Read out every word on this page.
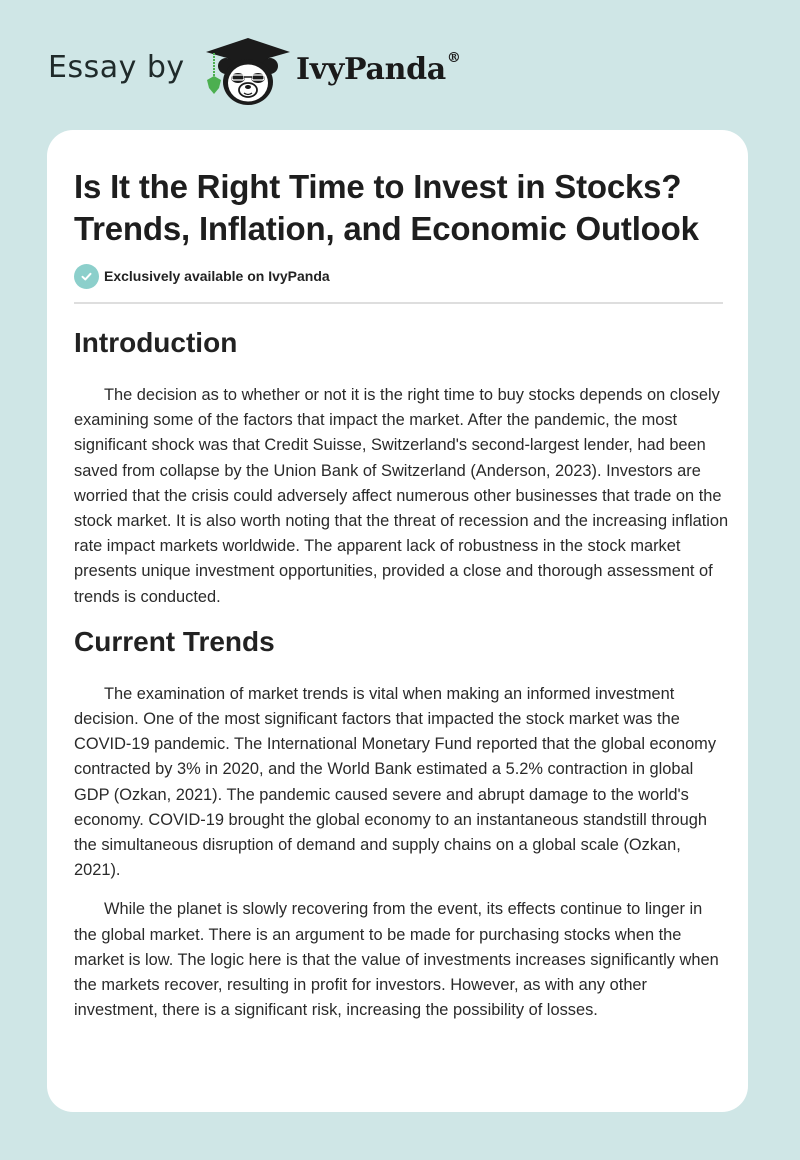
Essay by	IvyPanda®
Is It the Right Time to Invest in Stocks? Trends, Inflation, and Economic Outlook
Exclusively available on IvyPanda
Introduction

The decision as to whether or not it is the right time to buy stocks depends on closely examining some of the factors that impact the market. After the pandemic, the most significant shock was that Credit Suisse, Switzerland's second-largest lender, had been saved from collapse by the Union Bank of Switzerland (Anderson, 2023). Investors are worried that the crisis could adversely affect numerous other businesses that trade on the stock market. It is also worth noting that the threat of recession and the increasing inflation rate impact markets worldwide. The apparent lack of robustness in the stock market presents unique investment opportunities, provided a close and thorough assessment of trends is conducted.

Current Trends

The examination of market trends is vital when making an informed investment decision. One of the most significant factors that impacted the stock market was the COVID-19 pandemic. The International Monetary Fund reported that the global economy contracted by 3% in 2020, and the World Bank estimated a 5.2% contraction in global GDP (Ozkan, 2021). The pandemic caused severe and abrupt damage to the world's economy. COVID-19 brought the global economy to an instantaneous standstill through the simultaneous disruption of demand and supply chains on a global scale (Ozkan, 2021).

While the planet is slowly recovering from the event, its effects continue to linger in the global market. There is an argument to be made for purchasing stocks when the market is low. The logic here is that the value of investments increases significantly when the markets recover, resulting in profit for investors. However, as with any other investment, there is a significant risk, increasing the possibility of losses.
